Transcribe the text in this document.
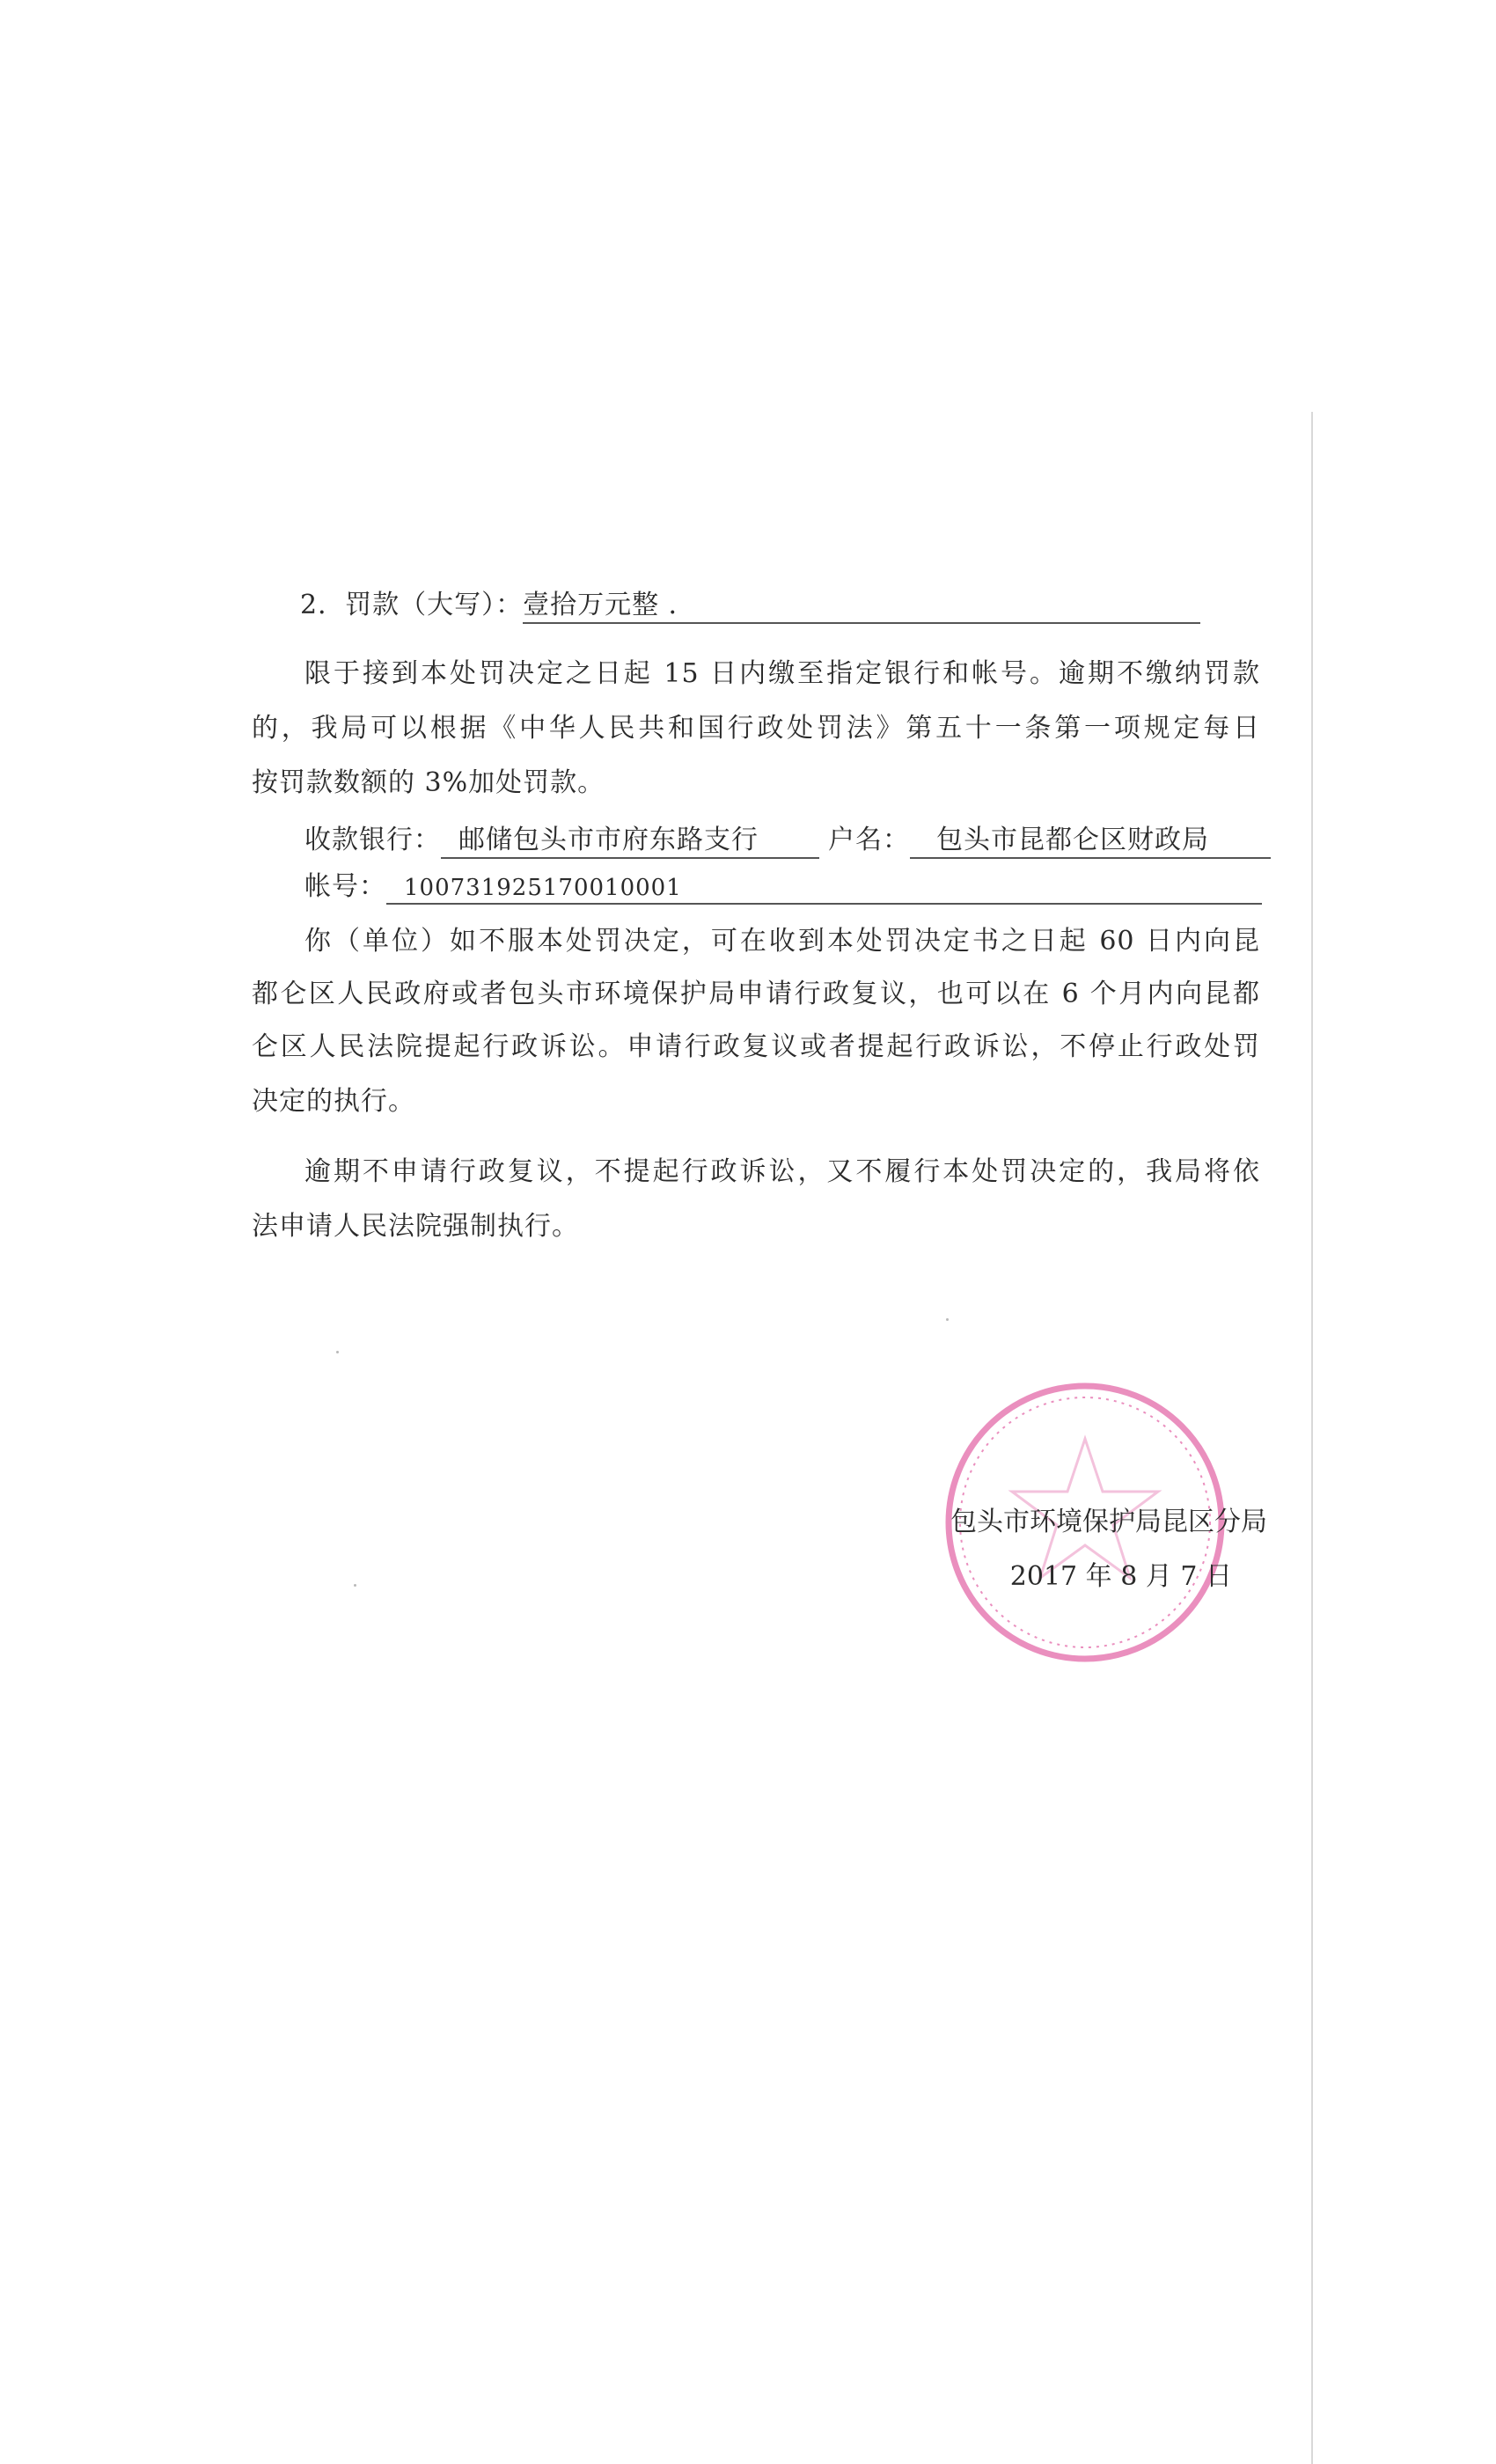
2．罚款（大写）：壹拾万元整 ．
限于接到本处罚决定之日起 15 日内缴至指定银行和帐号。逾期不缴纳罚款
的，我局可以根据《中华人民共和国行政处罚法》第五十一条第一项规定每日
按罚款数额的 3%加处罚款。
收款银行： 邮储包头市市府东路支行	户名： 包头市昆都仑区财政局
帐号： 100731925170010001
你（单位）如不服本处罚决定，可在收到本处罚决定书之日起 60 日内向昆
都仑区人民政府或者包头市环境保护局申请行政复议，也可以在 6 个月内向昆都
仑区人民法院提起行政诉讼。申请行政复议或者提起行政诉讼，不停止行政处罚
决定的执行。
逾期不申请行政复议，不提起行政诉讼，又不履行本处罚决定的，我局将依
法申请人民法院强制执行。
包头市环境保护局昆区分局
2017 年 8 月 7 日
